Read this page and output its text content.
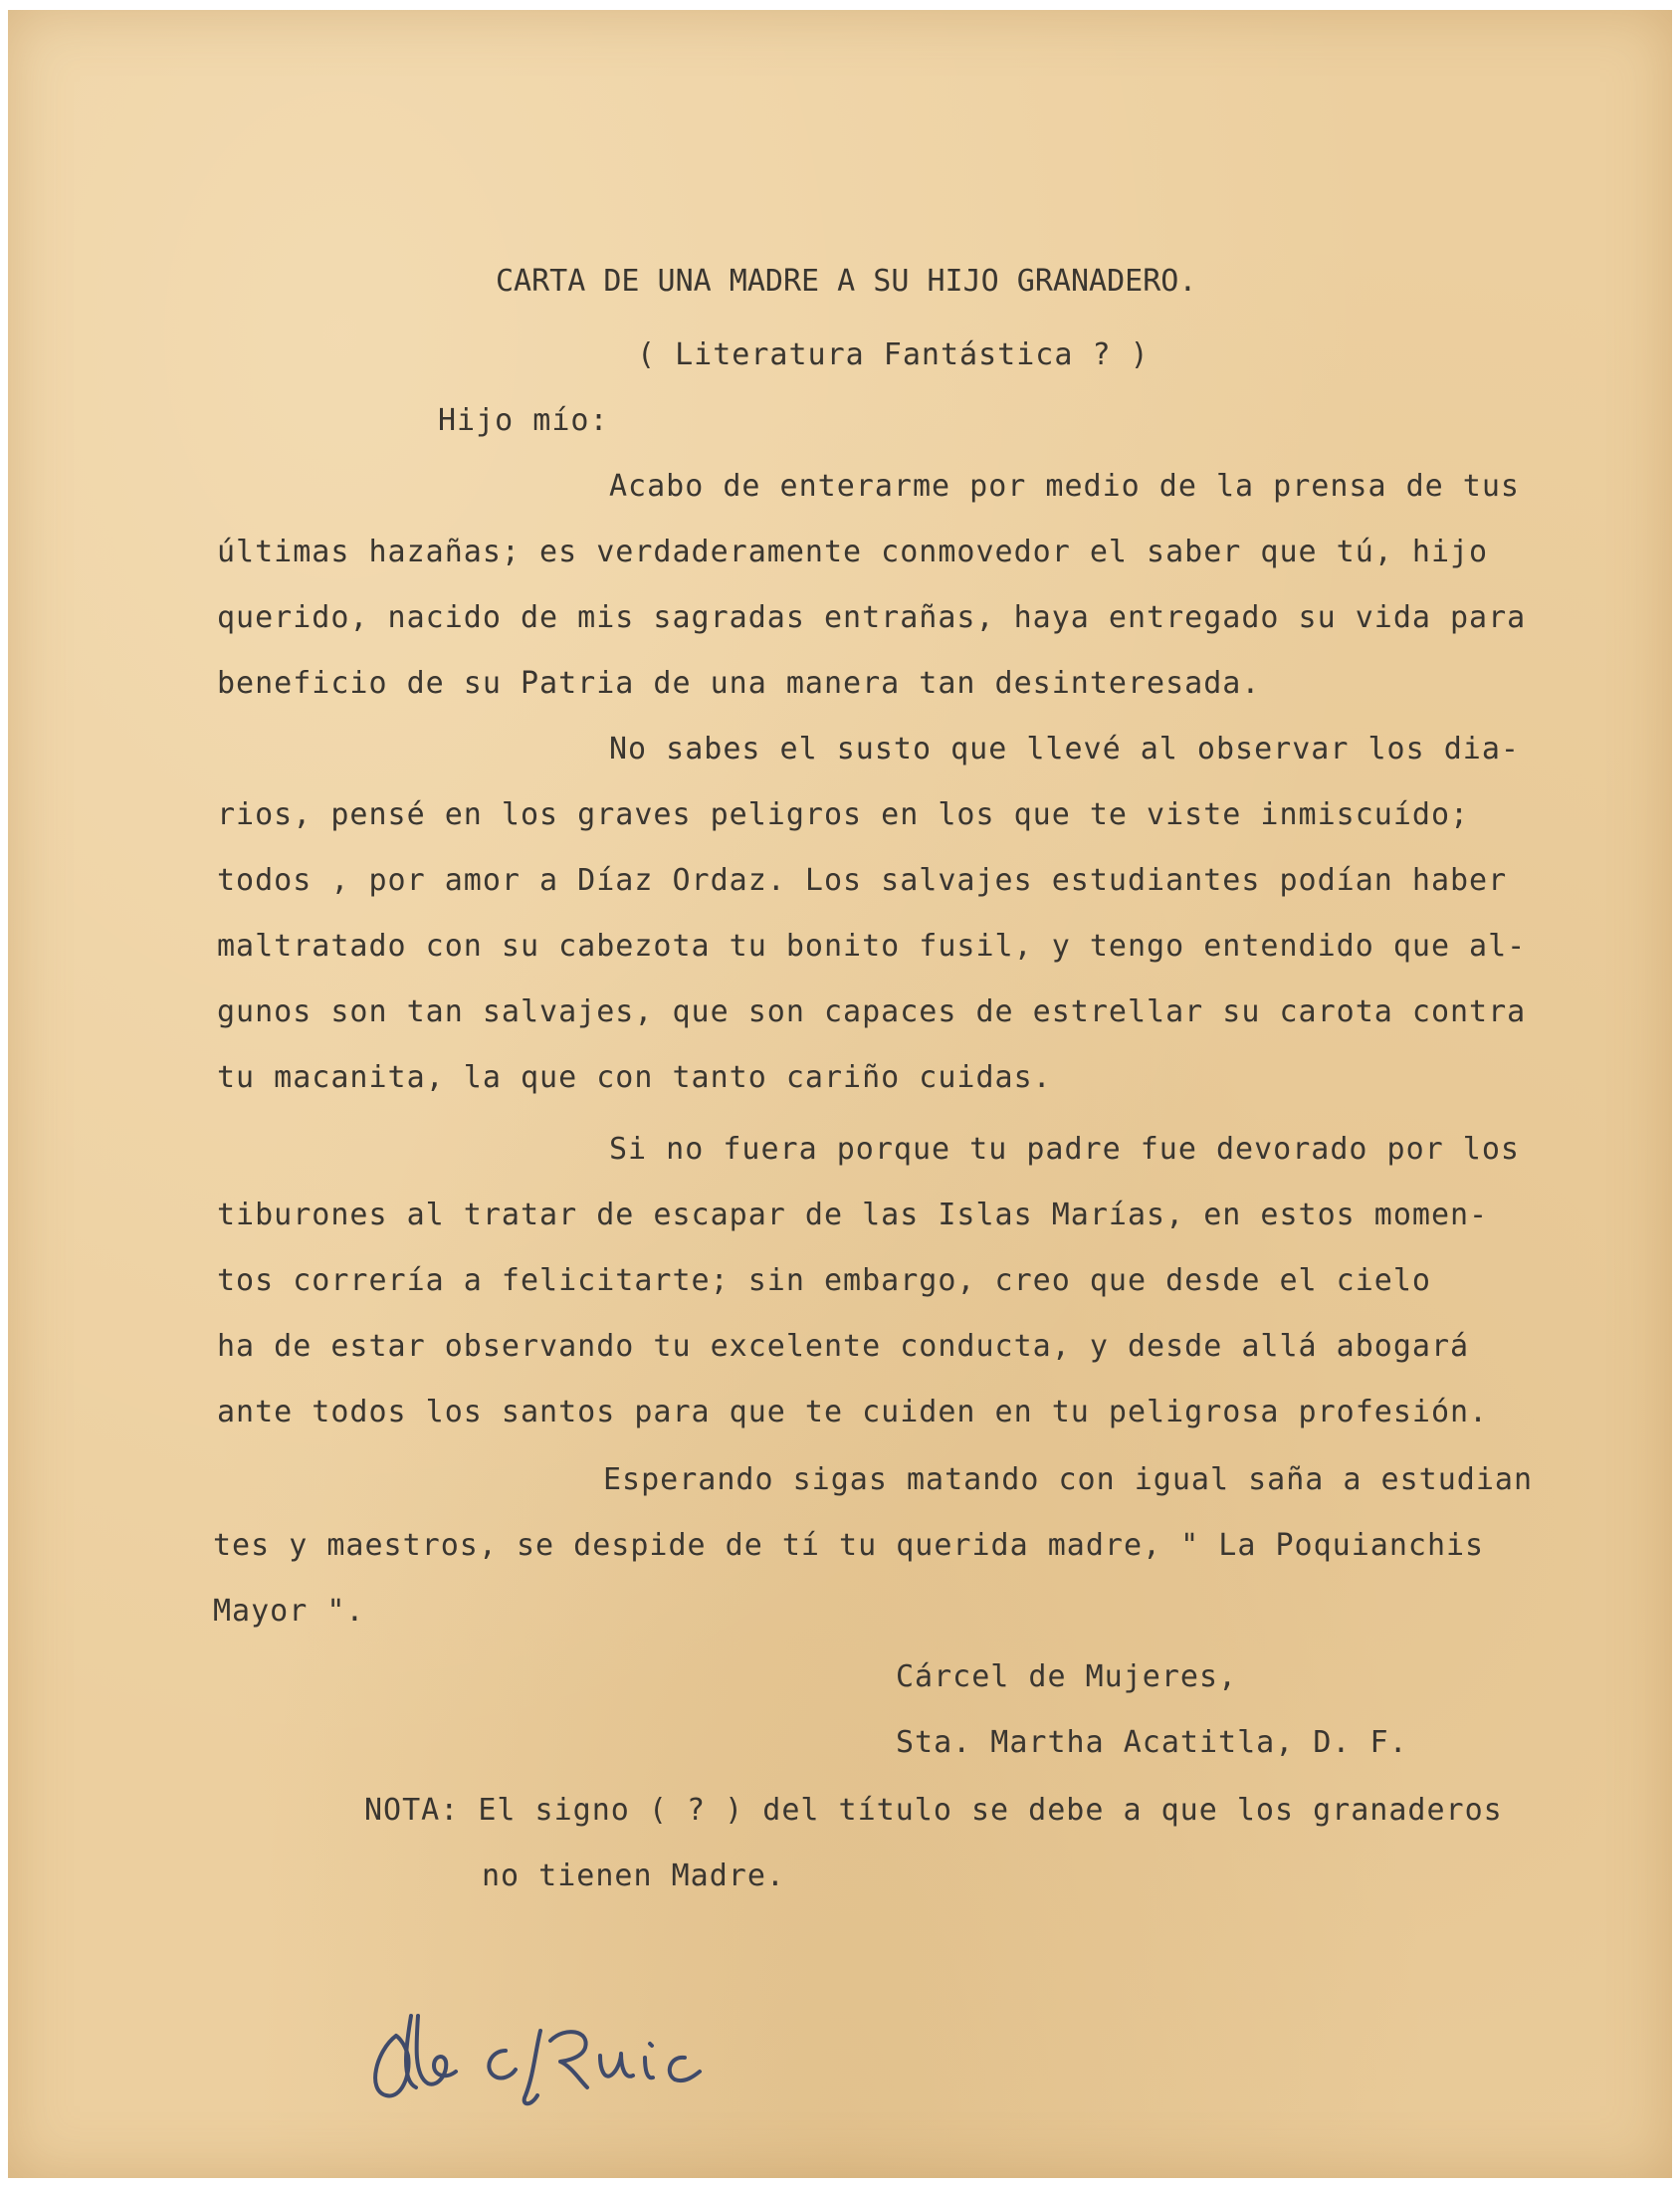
CARTA DE UNA MADRE A SU HIJO GRANADERO.
( Literatura Fantástica ? )
Hijo mío:
Acabo de enterarme por medio de la prensa de tus
últimas hazañas; es verdaderamente conmovedor el saber que tú, hijo
querido, nacido de mis sagradas entrañas, haya entregado su vida para
beneficio de su Patria de una manera tan desinteresada.
No sabes el susto que llevé al observar los dia-
rios, pensé en los graves peligros en los que te viste inmiscuído;
todos , por amor a Díaz Ordaz. Los salvajes estudiantes podían haber
maltratado con su cabezota tu bonito fusil, y tengo entendido que al-
gunos son tan salvajes, que son capaces de estrellar su carota contra
tu macanita, la que con tanto cariño cuidas.
Si no fuera porque tu padre fue devorado por los
tiburones al tratar de escapar de las Islas Marías, en estos momen-
tos correría a felicitarte; sin embargo, creo que desde el cielo
ha de estar observando tu excelente conducta, y desde allá abogará
ante todos los santos para que te cuiden en tu peligrosa profesión.
Esperando sigas matando con igual saña a estudian
tes y maestros, se despide de tí tu querida madre, " La Poquianchis
Mayor ".
Cárcel de Mujeres,
Sta. Martha Acatitla, D. F.
NOTA: El signo ( ? ) del título se debe a que los granaderos
no tienen Madre.
